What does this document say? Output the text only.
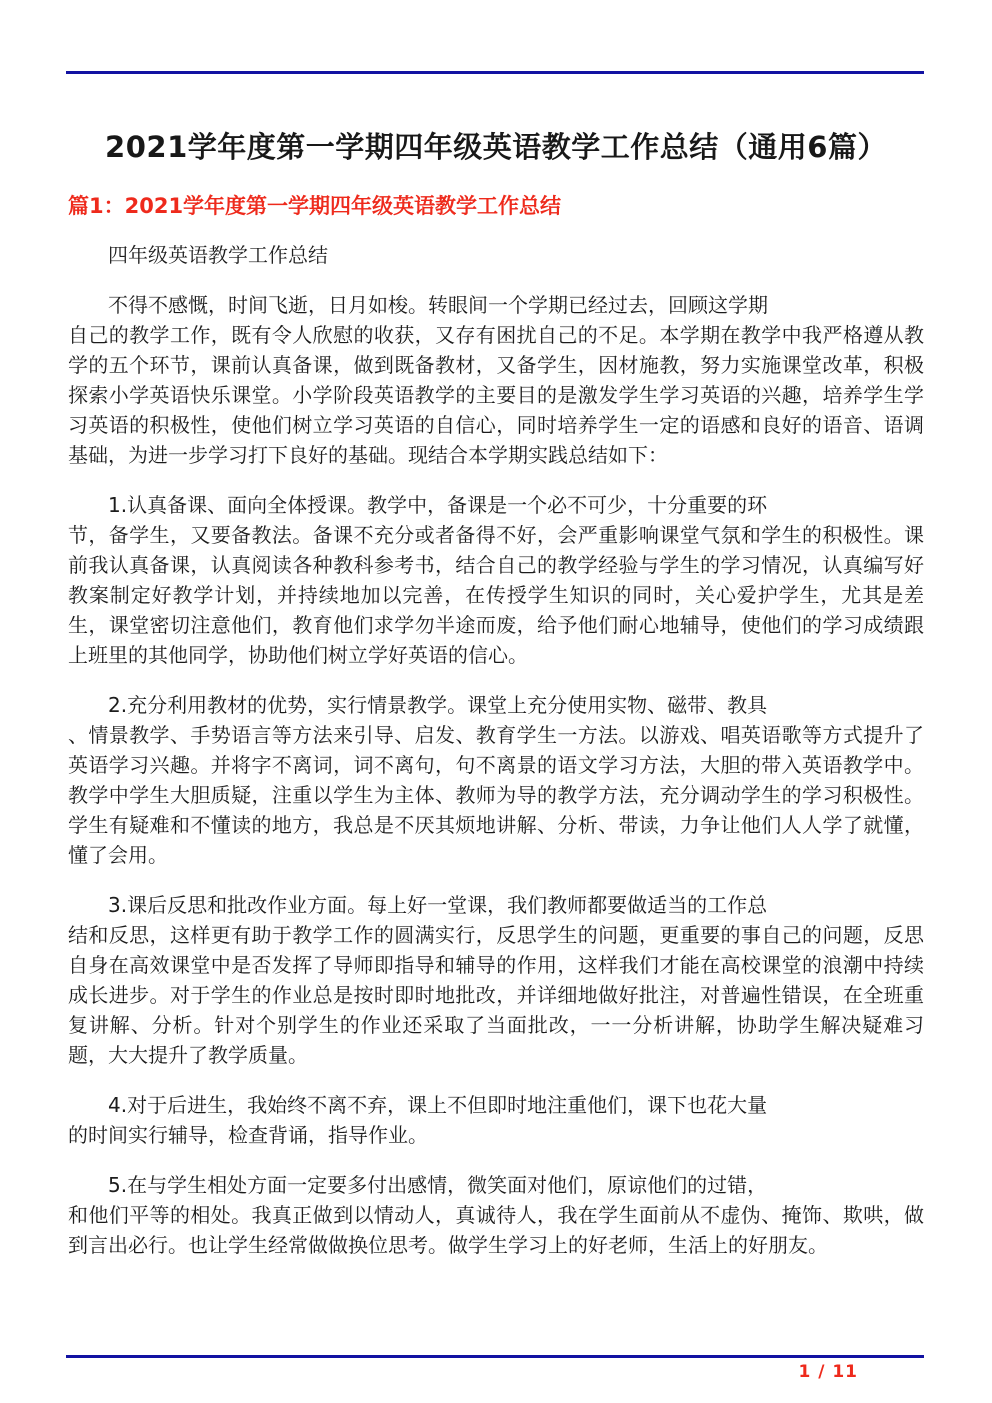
2021学年度第一学期四年级英语教学工作总结（通用6篇）
篇1：2021学年度第一学期四年级英语教学工作总结

四年级英语教学工作总结

不得不感慨，时间飞逝，日月如梭。转眼间一个学期已经过去，回顾这学期
自己的教学工作，既有令人欣慰的收获，又存有困扰自己的不足。本学期在教学中我严格遵从教学的五个环节，课前认真备课，做到既备教材，又备学生，因材施教，努力实施课堂改革，积极探索小学英语快乐课堂。小学阶段英语教学的主要目的是激发学生学习英语的兴趣，培养学生学习英语的积极性，使他们树立学习英语的自信心，同时培养学生一定的语感和良好的语音、语调基础，为进一步学习打下良好的基础。现结合本学期实践总结如下：

1.认真备课、面向全体授课。教学中，备课是一个必不可少，十分重要的环
节，备学生，又要备教法。备课不充分或者备得不好，会严重影响课堂气氛和学生的积极性。课前我认真备课，认真阅读各种教科参考书，结合自己的教学经验与学生的学习情况，认真编写好教案制定好教学计划，并持续地加以完善，在传授学生知识的同时，关心爱护学生，尤其是差生，课堂密切注意他们，教育他们求学勿半途而废，给予他们耐心地辅导，使他们的学习成绩跟上班里的其他同学，协助他们树立学好英语的信心。

2.充分利用教材的优势，实行情景教学。课堂上充分使用实物、磁带、教具
、情景教学、手势语言等方法来引导、启发、教育学生一方法。以游戏、唱英语歌等方式提升了英语学习兴趣。并将字不离词，词不离句，句不离景的语文学习方法，大胆的带入英语教学中。教学中学生大胆质疑，注重以学生为主体、教师为导的教学方法，充分调动学生的学习积极性。学生有疑难和不懂读的地方，我总是不厌其烦地讲解、分析、带读，力争让他们人人学了就懂，懂了会用。

3.课后反思和批改作业方面。每上好一堂课，我们教师都要做适当的工作总
结和反思，这样更有助于教学工作的圆满实行，反思学生的问题，更重要的事自己的问题，反思自身在高效课堂中是否发挥了导师即指导和辅导的作用，这样我们才能在高校课堂的浪潮中持续成长进步。对于学生的作业总是按时即时地批改，并详细地做好批注，对普遍性错误，在全班重复讲解、分析。针对个别学生的作业还采取了当面批改，一一分析讲解，协助学生解决疑难习题，大大提升了教学质量。

4.对于后进生，我始终不离不弃，课上不但即时地注重他们，课下也花大量
的时间实行辅导，检查背诵，指导作业。

5.在与学生相处方面一定要多付出感情，微笑面对他们，原谅他们的过错，
和他们平等的相处。我真正做到以情动人，真诚待人，我在学生面前从不虚伪、掩饰、欺哄，做到言出必行。也让学生经常做做换位思考。做学生学习上的好老师，生活上的好朋友。

1 / 11
